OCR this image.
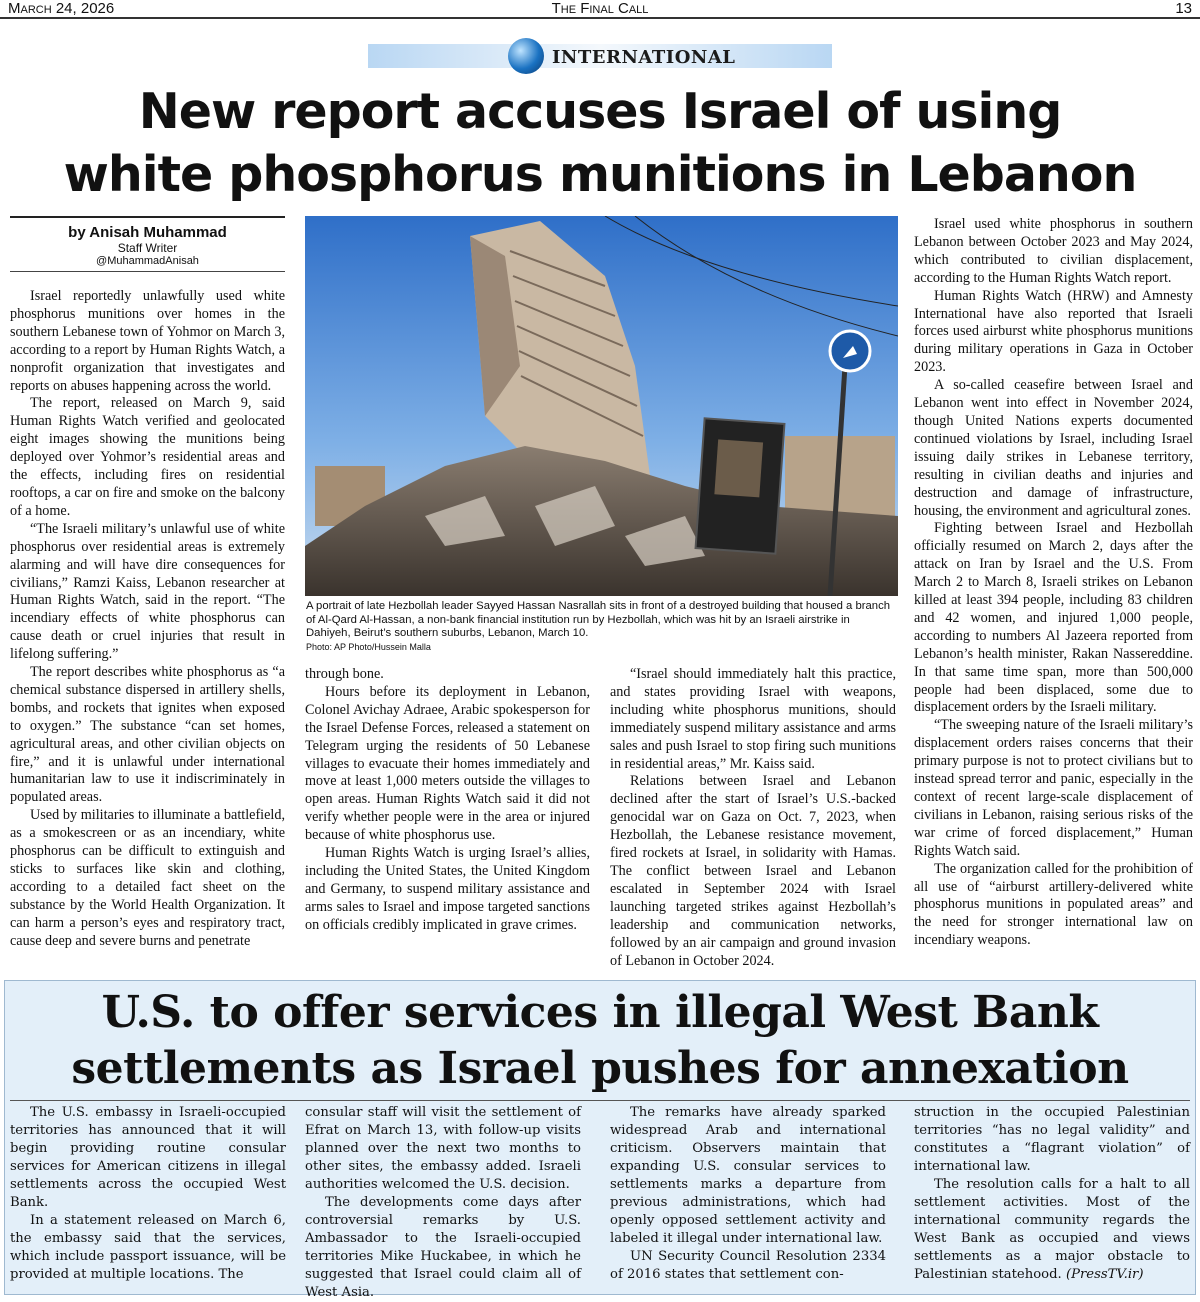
March 24, 2026	The Final Call	13
INTERNATIONAL
New report accuses Israel of using
white phosphorus munitions in Lebanon
by Anisah Muhammad
Staff Writer
@MuhammadAnisah

Israel reportedly unlawfully used white phosphorus munitions over homes in the southern Lebanese town of Yohmor on March 3, according to a report by Human Rights Watch, a nonprofit organization that investigates and reports on abuses happening across the world.

The report, released on March 9, said Human Rights Watch verified and geolocated eight images showing the munitions being deployed over Yohmor’s residential areas and the effects, including fires on residential rooftops, a car on fire and smoke on the balcony of a home.

“The Israeli military’s unlawful use of white phosphorus over residential areas is extremely alarming and will have dire consequences for civilians,” Ramzi Kaiss, Lebanon researcher at Human Rights Watch, said in the report. “The incendiary effects of white phosphorus can cause death or cruel injuries that result in lifelong suffering.”

The report describes white phosphorus as “a chemical substance dispersed in artillery shells, bombs, and rockets that ignites when exposed to oxygen.” The substance “can set homes, agricultural areas, and other civilian objects on fire,” and it is unlawful under international humanitarian law to use it indiscriminately in populated areas.

Used by militaries to illuminate a battlefield, as a smokescreen or as an incendiary, white phosphorus can be difficult to extinguish and sticks to surfaces like skin and clothing, according to a detailed fact sheet on the substance by the World Health Organization. It can harm a person’s eyes and respiratory tract, cause deep and severe burns and penetrate

A portrait of late Hezbollah leader Sayyed Hassan Nasrallah sits in front of a destroyed building that housed a branch of Al-Qard Al-Hassan, a non-bank financial institution run by Hezbollah, which was hit by an Israeli airstrike in Dahiyeh, Beirut’s southern suburbs, Lebanon, March 10.
Photo: AP Photo/Hussein Malla

through bone.

Hours before its deployment in Lebanon, Colonel Avichay Adraee, Arabic spokesperson for the Israel Defense Forces, released a statement on Telegram urging the residents of 50 Lebanese villages to evacuate their homes immediately and move at least 1,000 meters outside the villages to open areas. Human Rights Watch said it did not verify whether people were in the area or injured because of white phosphorus use.

Human Rights Watch is urging Israel’s allies, including the United States, the United Kingdom and Germany, to suspend military assistance and arms sales to Israel and impose targeted sanctions on officials credibly implicated in grave crimes.

“Israel should immediately halt this practice, and states providing Israel with weapons, including white phosphorus munitions, should immediately suspend military assistance and arms sales and push Israel to stop firing such munitions in residential areas,” Mr. Kaiss said.

Relations between Israel and Lebanon declined after the start of Israel’s U.S.-backed genocidal war on Gaza on Oct. 7, 2023, when Hezbollah, the Lebanese resistance movement, fired rockets at Israel, in solidarity with Hamas. The conflict between Israel and Lebanon escalated in September 2024 with Israel launching targeted strikes against Hezbollah’s leadership and communication networks, followed by an air campaign and ground invasion of Lebanon in October 2024.

Israel used white phosphorus in southern Lebanon between October 2023 and May 2024, which contributed to civilian displacement, according to the Human Rights Watch report.

Human Rights Watch (HRW) and Amnesty International have also reported that Israeli forces used airburst white phosphorus munitions during military operations in Gaza in October 2023.

A so-called ceasefire between Israel and Lebanon went into effect in November 2024, though United Nations experts documented continued violations by Israel, including Israel issuing daily strikes in Lebanese territory, resulting in civilian deaths and injuries and destruction and damage of infrastructure, housing, the environment and agricultural zones.

Fighting between Israel and Hezbollah officially resumed on March 2, days after the attack on Iran by Israel and the U.S. From March 2 to March 8, Israeli strikes on Lebanon killed at least 394 people, including 83 children and 42 women, and injured 1,000 people, according to numbers Al Jazeera reported from Lebanon’s health minister, Rakan Nassereddine. In that same time span, more than 500,000 people had been displaced, some due to displacement orders by the Israeli military.

“The sweeping nature of the Israeli military’s displacement orders raises concerns that their primary purpose is not to protect civilians but to instead spread terror and panic, especially in the context of recent large-scale displacement of civilians in Lebanon, raising serious risks of the war crime of forced displacement,” Human Rights Watch said.

The organization called for the prohibition of all use of “airburst artillery-delivered white phosphorus munitions in populated areas” and the need for stronger international law on incendiary weapons.

U.S. to offer services in illegal West Bank
settlements as Israel pushes for annexation

The U.S. embassy in Israeli-occupied territories has announced that it will begin providing routine consular services for American citizens in illegal settlements across the occupied West Bank.

In a statement released on March 6, the embassy said that the services, which include passport issuance, will be provided at multiple locations. The

consular staff will visit the settlement of Efrat on March 13, with follow-up visits planned over the next two months to other sites, the embassy added. Israeli authorities welcomed the U.S. decision.

The developments come days after controversial remarks by U.S. Ambassador to the Israeli-occupied territories Mike Huckabee, in which he suggested that Israel could claim all of West Asia.

The remarks have already sparked widespread Arab and international criticism. Observers maintain that expanding U.S. consular services to settlements marks a departure from previous administrations, which had openly opposed settlement activity and labeled it illegal under international law.

UN Security Council Resolution 2334 of 2016 states that settlement con-

struction in the occupied Palestinian territories “has no legal validity” and constitutes a “flagrant violation” of international law.

The resolution calls for a halt to all settlement activities. Most of the international community regards the West Bank as occupied and views settlements as a major obstacle to Palestinian statehood. (PressTV.ir)
